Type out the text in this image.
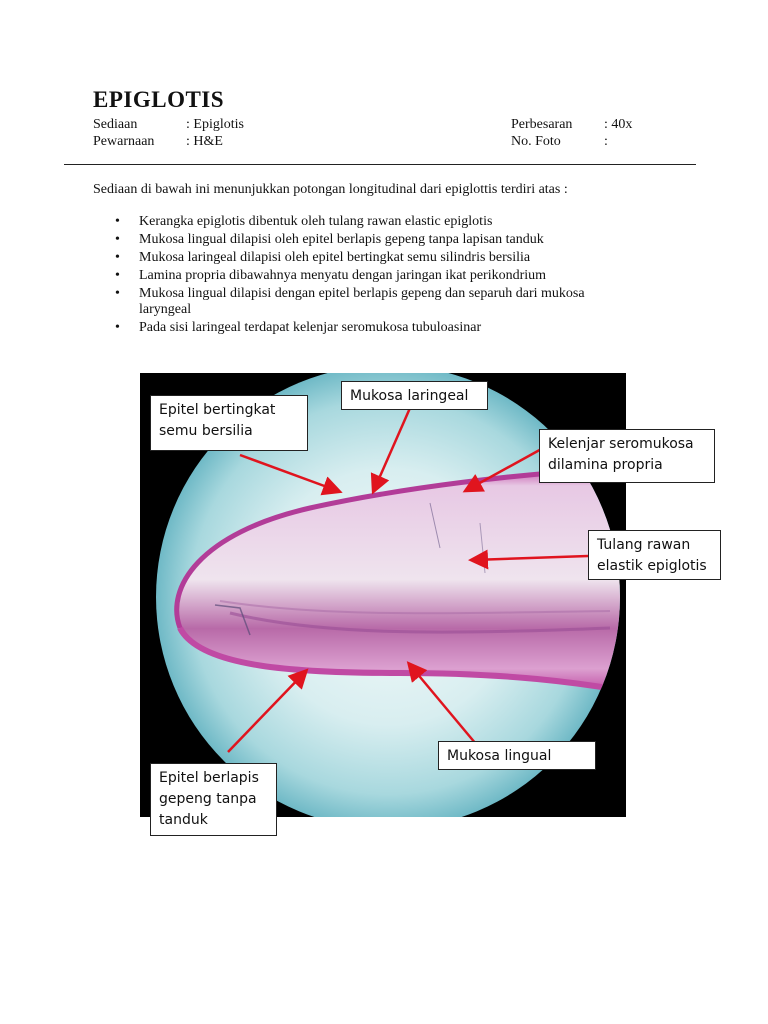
EPIGLOTIS
Sediaan	: Epiglotis
Pewarnaan : H&E
Perbesaran : 40x
No. Foto	:
Sediaan di bawah ini menunjukkan potongan longitudinal dari epiglottis terdiri atas :
• Kerangka epiglotis dibentuk oleh tulang rawan elastic epiglotis
• Mukosa lingual dilapisi oleh epitel berlapis gepeng tanpa lapisan tanduk
• Mukosa laringeal dilapisi oleh epitel bertingkat semu silindris bersilia
• Lamina propria dibawahnya menyatu dengan jaringan ikat perikondrium
• Mukosa lingual dilapisi dengan epitel berlapis gepeng dan separuh dari mukosa laryngeal
• Pada sisi laringeal terdapat kelenjar seromukosa tubuloasinar
Epitel bertingkat semu bersilia
Mukosa laringeal
Kelenjar seromukosa dilamina propria
Tulang rawan elastik epiglotis
Mukosa lingual
Epitel berlapis gepeng tanpa tanduk
